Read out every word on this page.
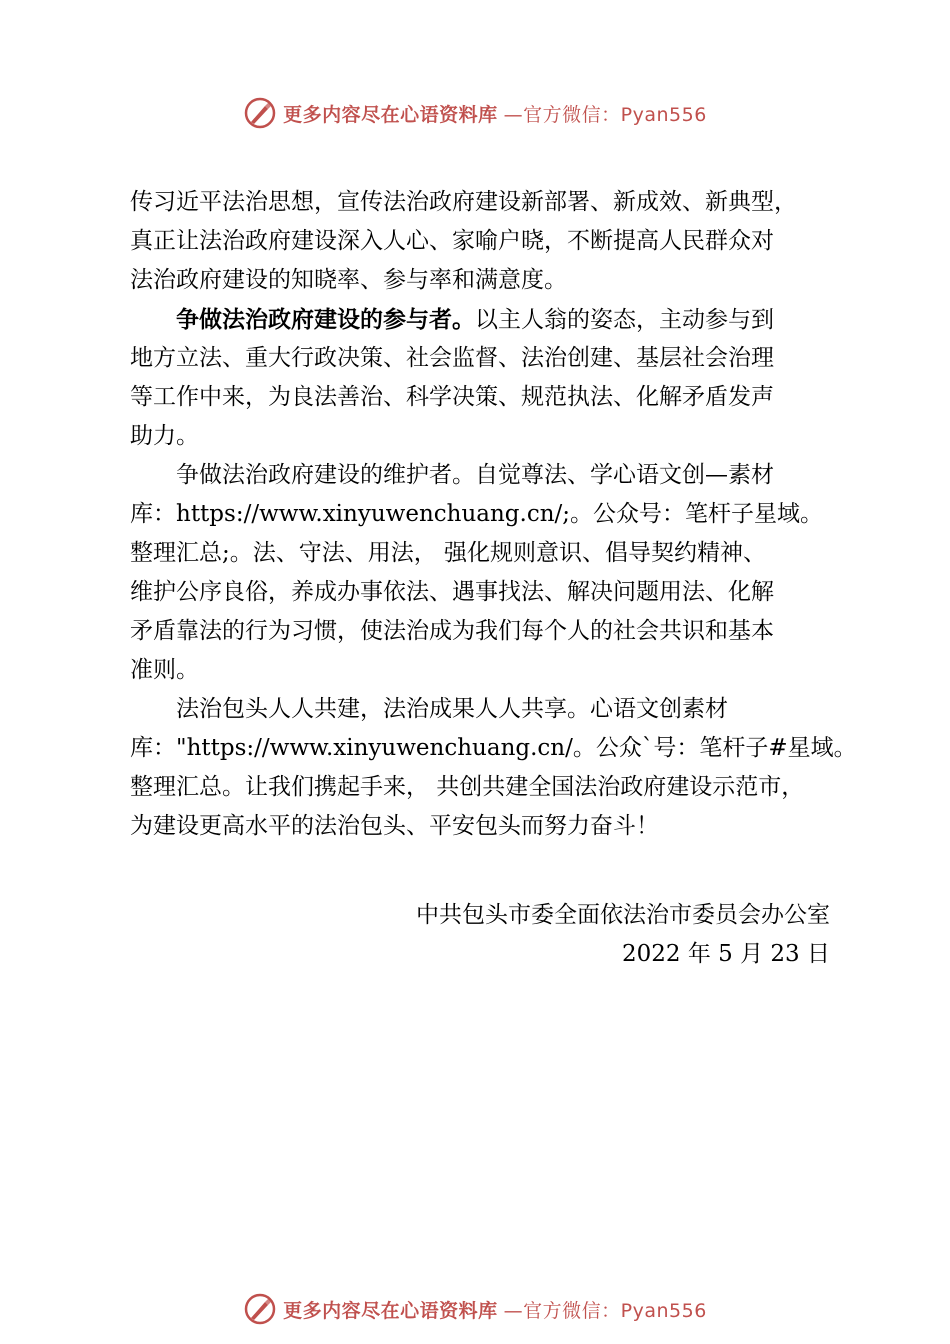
更多内容尽在心语资料库 —官方微信：Pyan556
传习近平法治思想，宣传法治政府建设新部署、新成效、新典型，
真正让法治政府建设深入人心、家喻户晓，不断提高人民群众对
法治政府建设的知晓率、参与率和满意度。
争做法治政府建设的参与者。以主人翁的姿态，主动参与到
地方立法、重大行政决策、社会监督、法治创建、基层社会治理
等工作中来，为良法善治、科学决策、规范执法、化解矛盾发声
助力。
争做法治政府建设的维护者。自觉尊法、学心语文创—素材
库：https://www.xinyuwenchuang.cn/;。公众号：笔杆子星域。
整理汇总;。法、守法、用法， 强化规则意识、倡导契约精神、
维护公序良俗，养成办事依法、遇事找法、解决问题用法、化解
矛盾靠法的行为习惯，使法治成为我们每个人的社会共识和基本
准则。
法治包头人人共建，法治成果人人共享。心语文创素材
库："https://www.xinyuwenchuang.cn/。公众`号：笔杆子#星域。
整理汇总。让我们携起手来， 共创共建全国法治政府建设示范市，
为建设更高水平的法治包头、平安包头而努力奋斗！
中共包头市委全面依法治市委员会办公室
2022 年 5 月 23 日
更多内容尽在心语资料库 —官方微信：Pyan556
